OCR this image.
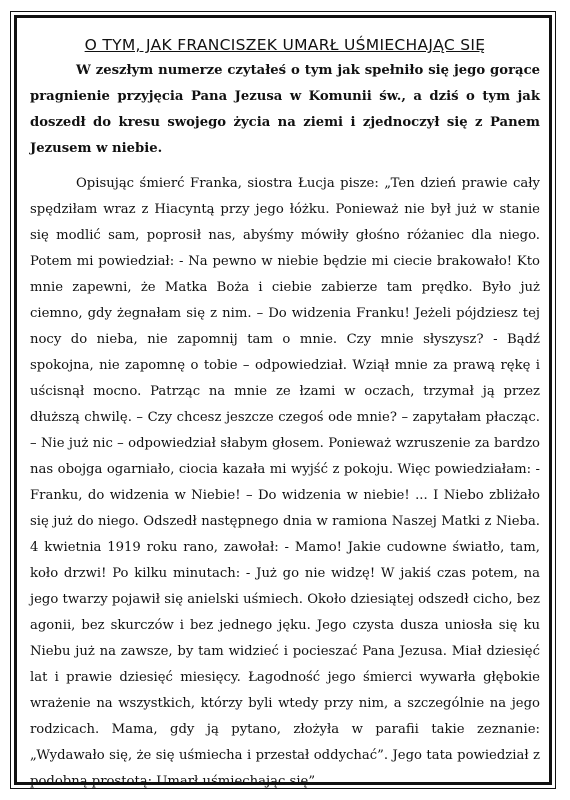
O TYM, JAK FRANCISZEK UMARŁ UŚMIECHAJĄC SIĘ

W zeszłym numerze czytałeś o tym jak spełniło się jego gorące pragnienie przyjęcia Pana Jezusa w Komunii św., a dziś o tym jak doszedł do kresu swojego życia na ziemi i zjednoczył się z Panem Jezusem w niebie.

Opisując śmierć Franka, siostra Łucja pisze: „Ten dzień prawie cały spędziłam wraz z Hiacyntą przy jego łóżku. Ponieważ nie był już w stanie się modlić sam, poprosił nas, abyśmy mówiły głośno różaniec dla niego. Potem mi powiedział: - Na pewno w niebie będzie mi ciecie brakowało! Kto mnie zapewni, że Matka Boża i ciebie zabierze tam prędko. Było już ciemno, gdy żegnałam się z nim. – Do widzenia Franku! Jeżeli pójdziesz tej nocy do nieba, nie zapomnij tam o mnie. Czy mnie słyszysz? - Bądź spokojna, nie zapomnę o tobie – odpowiedział. Wziął mnie za prawą rękę i uścisnął mocno. Patrząc na mnie ze łzami w oczach, trzymał ją przez dłuższą chwilę. – Czy chcesz jeszcze czegoś ode mnie? – zapytałam płacząc. – Nie już nic – odpowiedział słabym głosem. Ponieważ wzruszenie za bardzo nas obojga ogarniało, ciocia kazała mi wyjść z pokoju. Więc powiedziałam: - Franku, do widzenia w Niebie! – Do widzenia w niebie! ... I Niebo zbliżało się już do niego. Odszedł następnego dnia w ramiona Naszej Matki z Nieba. 4 kwietnia 1919 roku rano, zawołał: - Mamo! Jakie cudowne światło, tam, koło drzwi! Po kilku minutach: - Już go nie widzę! W jakiś czas potem, na jego twarzy pojawił się anielski uśmiech. Około dziesiątej odszedł cicho, bez agonii, bez skurczów i bez jednego jęku. Jego czysta dusza uniosła się ku Niebu już na zawsze, by tam widzieć i pocieszać Pana Jezusa. Miał dziesięć lat i prawie dziesięć miesięcy. Łagodność jego śmierci wywarła głębokie wrażenie na wszystkich, którzy byli wtedy przy nim, a szczególnie na jego rodzicach. Mama, gdy ją pytano, złożyła w parafii takie zeznanie: „Wydawało się, że się uśmiecha i przestał oddychać”. Jego tata powiedział z podobną prostotą: Umarł uśmiechając się”.
